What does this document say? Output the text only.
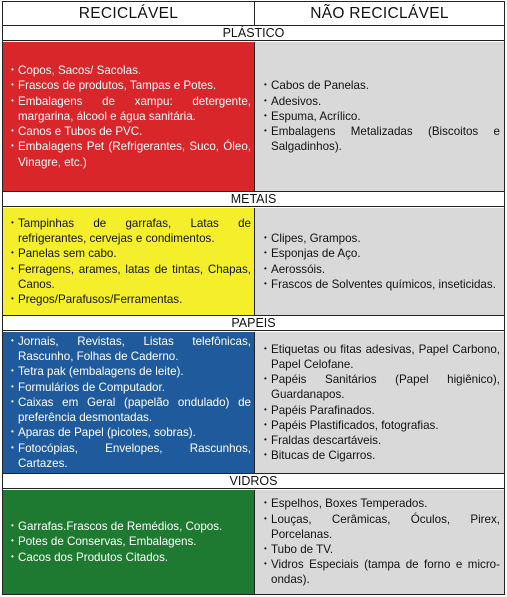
RECICLÁVEL	NÃO RECICLÁVEL
PLÁSTICO
• Copos, Sacos/ Sacolas.
• Frascos de produtos, Tampas e Potes.
• Embalagens de xampu: detergente, margarina, álcool e água sanitária.
• Canos e Tubos de PVC.
• Embalagens Pet (Refrigerantes, Suco, Óleo, Vinagre, etc.)
• Cabos de Panelas.
• Adesivos.
• Espuma, Acrílico.
• Embalagens Metalizadas (Biscoitos e Salgadinhos).
METAIS
• Tampinhas de garrafas, Latas de refrigerantes, cervejas e condimentos.
• Panelas sem cabo.
• Ferragens, arames, latas de tintas, Chapas, Canos.
• Pregos/Parafusos/Ferramentas.
• Clipes, Grampos.
• Esponjas de Aço.
• Aerossóis.
• Frascos de Solventes químicos, inseticidas.
PAPEIS
• Jornais, Revistas, Listas telefônicas, Rascunho, Folhas de Caderno.
• Tetra pak (embalagens de leite).
• Formulários de Computador.
• Caixas em Geral (papelão ondulado) de preferência desmontadas.
• Aparas de Papel (picotes, sobras).
• Fotocópias, Envelopes, Rascunhos, Cartazes.
• Etiquetas ou fitas adesivas, Papel Carbono, Papel Celofane.
• Papéis Sanitários (Papel higiênico), Guardanapos.
• Papéis Parafinados.
• Papéis Plastificados, fotografias.
• Fraldas descartáveis.
• Bitucas de Cigarros.
VIDROS
• Garrafas.Frascos de Remédios, Copos.
• Potes de Conservas, Embalagens.
• Cacos dos Produtos Citados.
• Espelhos, Boxes Temperados.
• Louças, Cerâmicas, Óculos, Pirex, Porcelanas.
• Tubo de TV.
• Vidros Especiais (tampa de forno e micro-ondas).
